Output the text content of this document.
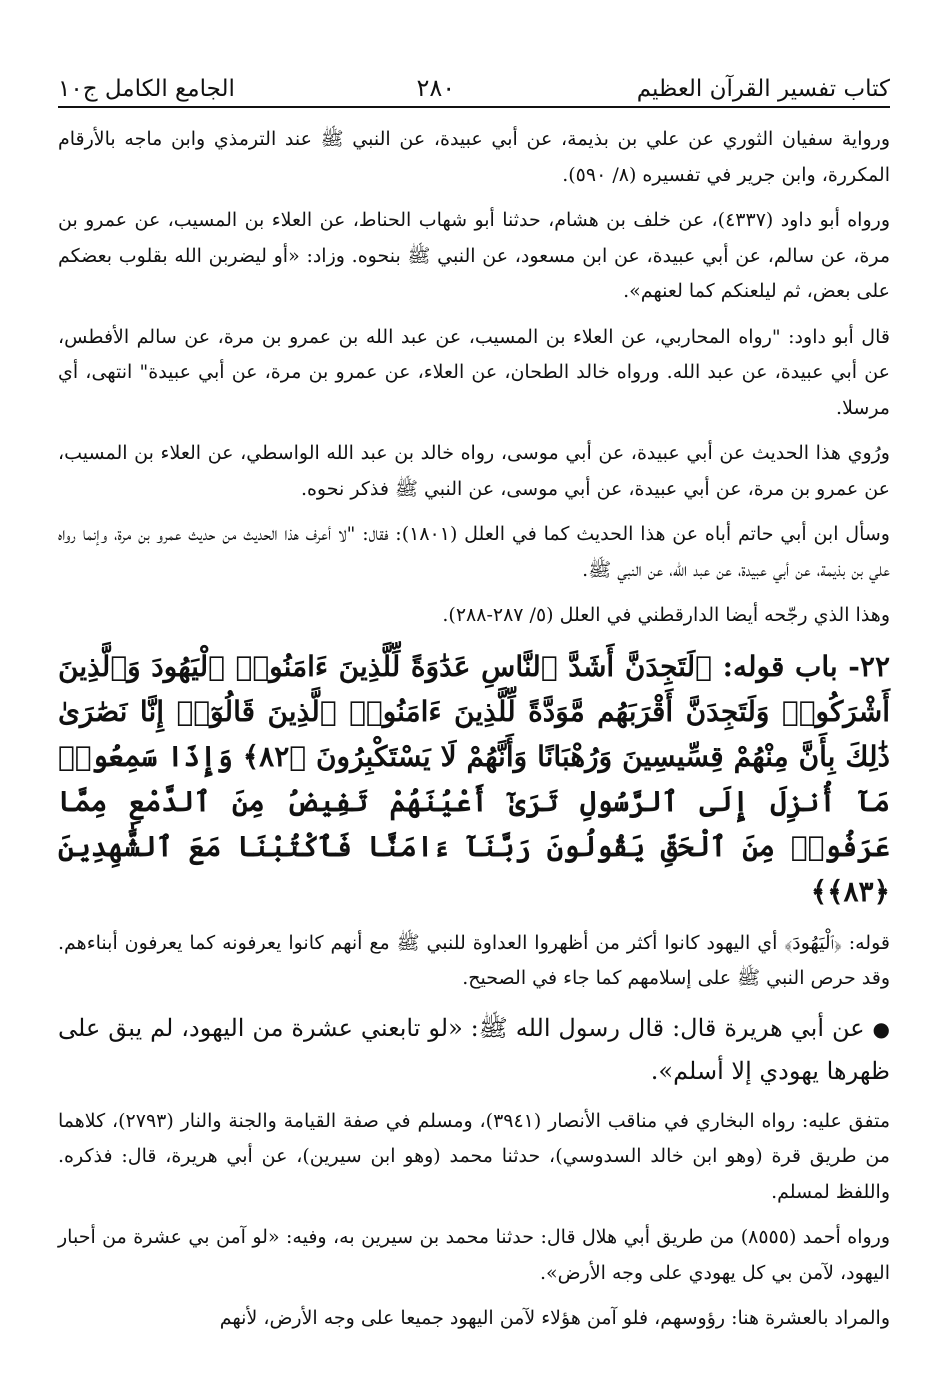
كتاب تفسير القرآن العظيم
٢٨٠
الجامع الكامل ج١٠

ورواية سفيان الثوري عن علي بن بذيمة، عن أبي عبيدة، عن النبي ﷺ عند الترمذي وابن ماجه بالأرقام المكررة، وابن جرير في تفسيره (٨/ ٥٩٠).

ورواه أبو داود (٤٣٣٧)، عن خلف بن هشام، حدثنا أبو شهاب الحناط، عن العلاء بن المسيب، عن عمرو بن مرة، عن سالم، عن أبي عبيدة، عن ابن مسعود، عن النبي ﷺ بنحوه. وزاد: «أو ليضربن الله بقلوب بعضكم على بعض، ثم ليلعنكم كما لعنهم».

قال أبو داود: "رواه المحاربي، عن العلاء بن المسيب، عن عبد الله بن عمرو بن مرة، عن سالم الأفطس، عن أبي عبيدة، عن عبد الله. ورواه خالد الطحان، عن العلاء، عن عمرو بن مرة، عن أبي عبيدة" انتهى، أي مرسلا.

ورُوي هذا الحديث عن أبي عبيدة، عن أبي موسى، رواه خالد بن عبد الله الواسطي، عن العلاء بن المسيب، عن عمرو بن مرة، عن أبي عبيدة، عن أبي موسى، عن النبي ﷺ فذكر نحوه.

وسأل ابن أبي حاتم أباه عن هذا الحديث كما في العلل (١٨٠١): فقال: "لا أعرف هذا الحديث من حديث عمرو بن مرة، وإنما رواه علي بن بذيمة، عن أبي عبيدة، عن عبد الله، عن النبي ﷺ.

وهذا الذي رجّحه أيضا الدارقطني في العلل (٥/ ٢٨٧-٢٨٨).

٢٢- باب قوله: ﴿لَتَجِدَنَّ أَشَدَّ ٱلنَّاسِ عَدَٰوَةً لِّلَّذِينَ ءَامَنُوا۟ ٱلْيَهُودَ وَٱلَّذِينَ أَشْرَكُوا۟ وَلَتَجِدَنَّ أَقْرَبَهُم مَّوَدَّةً لِّلَّذِينَ ءَامَنُوا۟ ٱلَّذِينَ قَالُوٓا۟ إِنَّا نَصَٰرَىٰ ذَٰلِكَ بِأَنَّ مِنْهُمْ قِسِّيسِينَ وَرُهْبَانًا وَأَنَّهُمْ لَا يَسْتَكْبِرُونَ ﴿٨٢﴾ وَإِذَا سَمِعُوا۟ مَآ أُنزِلَ إِلَى ٱلرَّسُولِ تَرَىٰٓ أَعْيُنَهُمْ تَفِيضُ مِنَ ٱلدَّمْعِ مِمَّا عَرَفُوا۟ مِنَ ٱلْحَقِّ يَقُولُونَ رَبَّنَآ ءَامَنَّا فَٱكْتُبْنَا مَعَ ٱلشَّٰهِدِينَ ﴿٨٣﴾﴾

قوله: ﴿ٱلْيَهُودَ﴾ أي اليهود كانوا أكثر من أظهروا العداوة للنبي ﷺ مع أنهم كانوا يعرفونه كما يعرفون أبناءهم. وقد حرص النبي ﷺ على إسلامهم كما جاء في الصحيح.

●عن أبي هريرة قال: قال رسول الله ﷺ: «لو تابعني عشرة من اليهود، لم يبق على ظهرها يهودي إلا أسلم».

متفق عليه: رواه البخاري في مناقب الأنصار (٣٩٤١)، ومسلم في صفة القيامة والجنة والنار (٢٧٩٣)، كلاهما من طريق قرة (وهو ابن خالد السدوسي)، حدثنا محمد (وهو ابن سيرين)، عن أبي هريرة، قال: فذكره. واللفظ لمسلم.

ورواه أحمد (٨٥٥٥) من طريق أبي هلال قال: حدثنا محمد بن سيرين به، وفيه: «لو آمن بي عشرة من أحبار اليهود، لآمن بي كل يهودي على وجه الأرض».

والمراد بالعشرة هنا: رؤوسهم، فلو آمن هؤلاء لآمن اليهود جميعا على وجه الأرض، لأنهم
